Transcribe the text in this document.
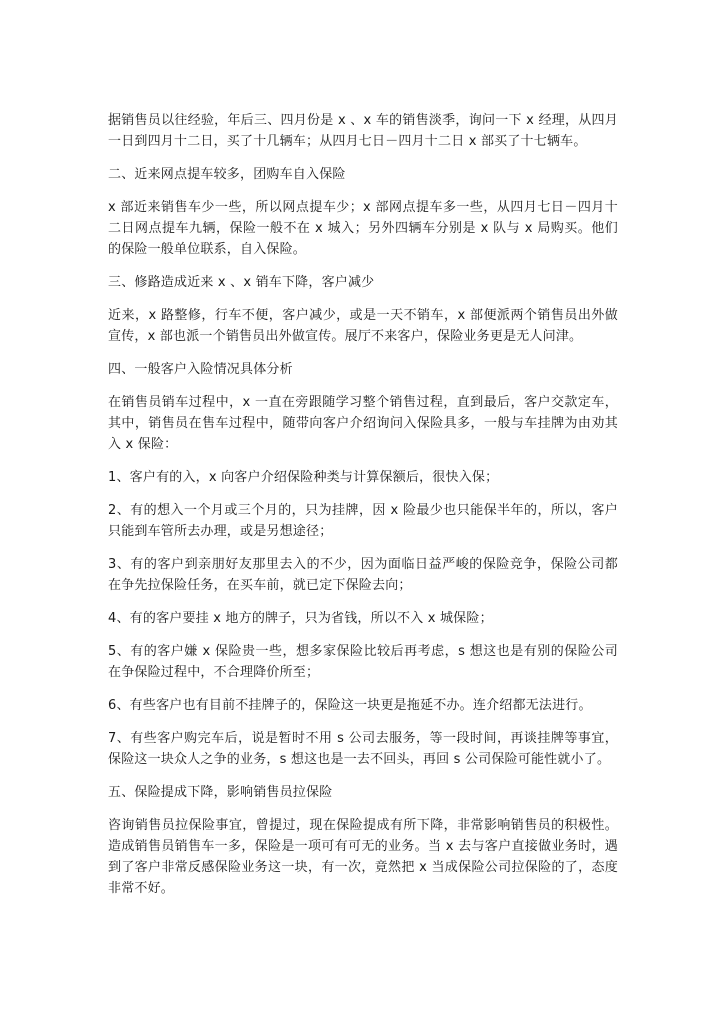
据销售员以往经验，年后三、四月份是 x 、x 车的销售淡季，询问一下 x 经理，从四月一日到四月十二日，买了十几辆车；从四月七日－四月十二日 x 部买了十七辆车。

二、近来网点提车较多，团购车自入保险

x 部近来销售车少一些，所以网点提车少；x 部网点提车多一些，从四月七日－四月十二日网点提车九辆，保险一般不在 x 城入；另外四辆车分别是 x 队与 x 局购买。他们的保险一般单位联系，自入保险。

三、修路造成近来 x 、x 销车下降，客户减少

近来，x 路整修，行车不便，客户减少，或是一天不销车，x 部便派两个销售员出外做宣传，x 部也派一个销售员出外做宣传。展厅不来客户，保险业务更是无人问津。

四、一般客户入险情况具体分析

在销售员销车过程中，x 一直在旁跟随学习整个销售过程，直到最后，客户交款定车，其中，销售员在售车过程中，随带向客户介绍询问入保险具多，一般与车挂牌为由劝其入 x 保险：

1、客户有的入，x 向客户介绍保险种类与计算保额后，很快入保；

2、有的想入一个月或三个月的，只为挂牌，因 x 险最少也只能保半年的，所以，客户只能到车管所去办理，或是另想途径；

3、有的客户到亲朋好友那里去入的不少，因为面临日益严峻的保险竞争，保险公司都在争先拉保险任务，在买车前，就已定下保险去向；

4、有的客户要挂 x 地方的牌子，只为省钱，所以不入 x 城保险；

5、有的客户嫌 x 保险贵一些，想多家保险比较后再考虑，s 想这也是有别的保险公司在争保险过程中，不合理降价所至；

6、有些客户也有目前不挂牌子的，保险这一块更是拖延不办。连介绍都无法进行。

7、有些客户购完车后，说是暂时不用 s 公司去服务，等一段时间，再谈挂牌等事宜，保险这一块众人之争的业务，s 想这也是一去不回头，再回 s 公司保险可能性就小了。

五、保险提成下降，影响销售员拉保险

咨询销售员拉保险事宜，曾提过，现在保险提成有所下降，非常影响销售员的积极性。造成销售员销售车一多，保险是一项可有可无的业务。当 x 去与客户直接做业务时，遇到了客户非常反感保险业务这一块，有一次，竟然把 x 当成保险公司拉保险的了，态度非常不好。
